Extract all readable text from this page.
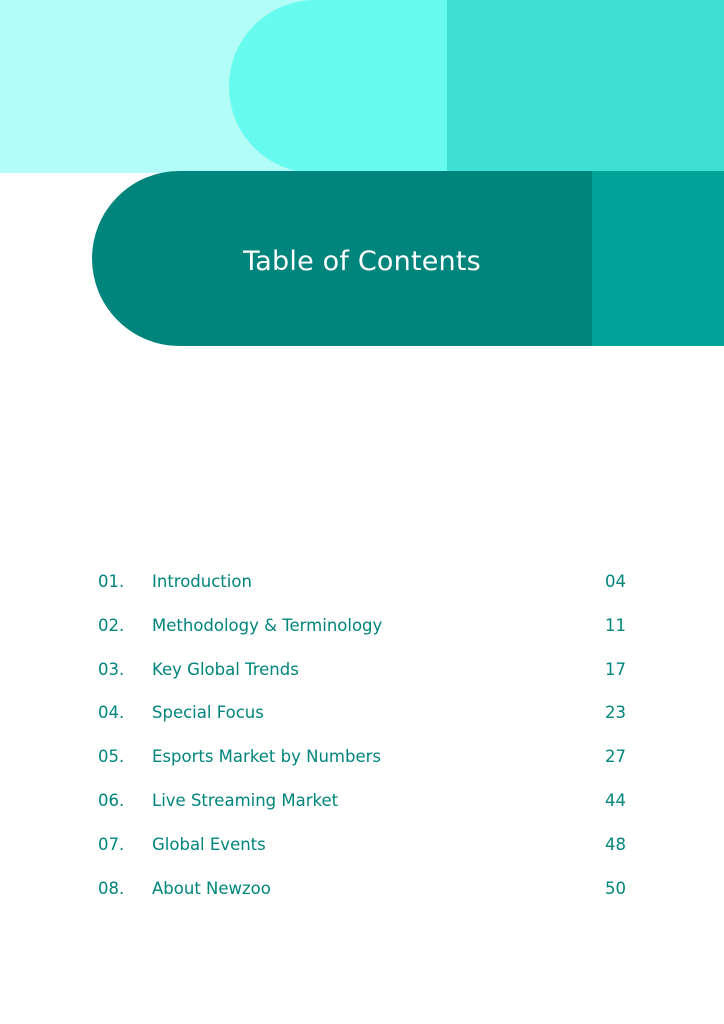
Table of Contents
01. Introduction	04
02. Methodology & Terminology	11
03. Key Global Trends	17
04. Special Focus	23
05. Esports Market by Numbers	27
06. Live Streaming Market	44
07. Global Events	48
08. About Newzoo	50
